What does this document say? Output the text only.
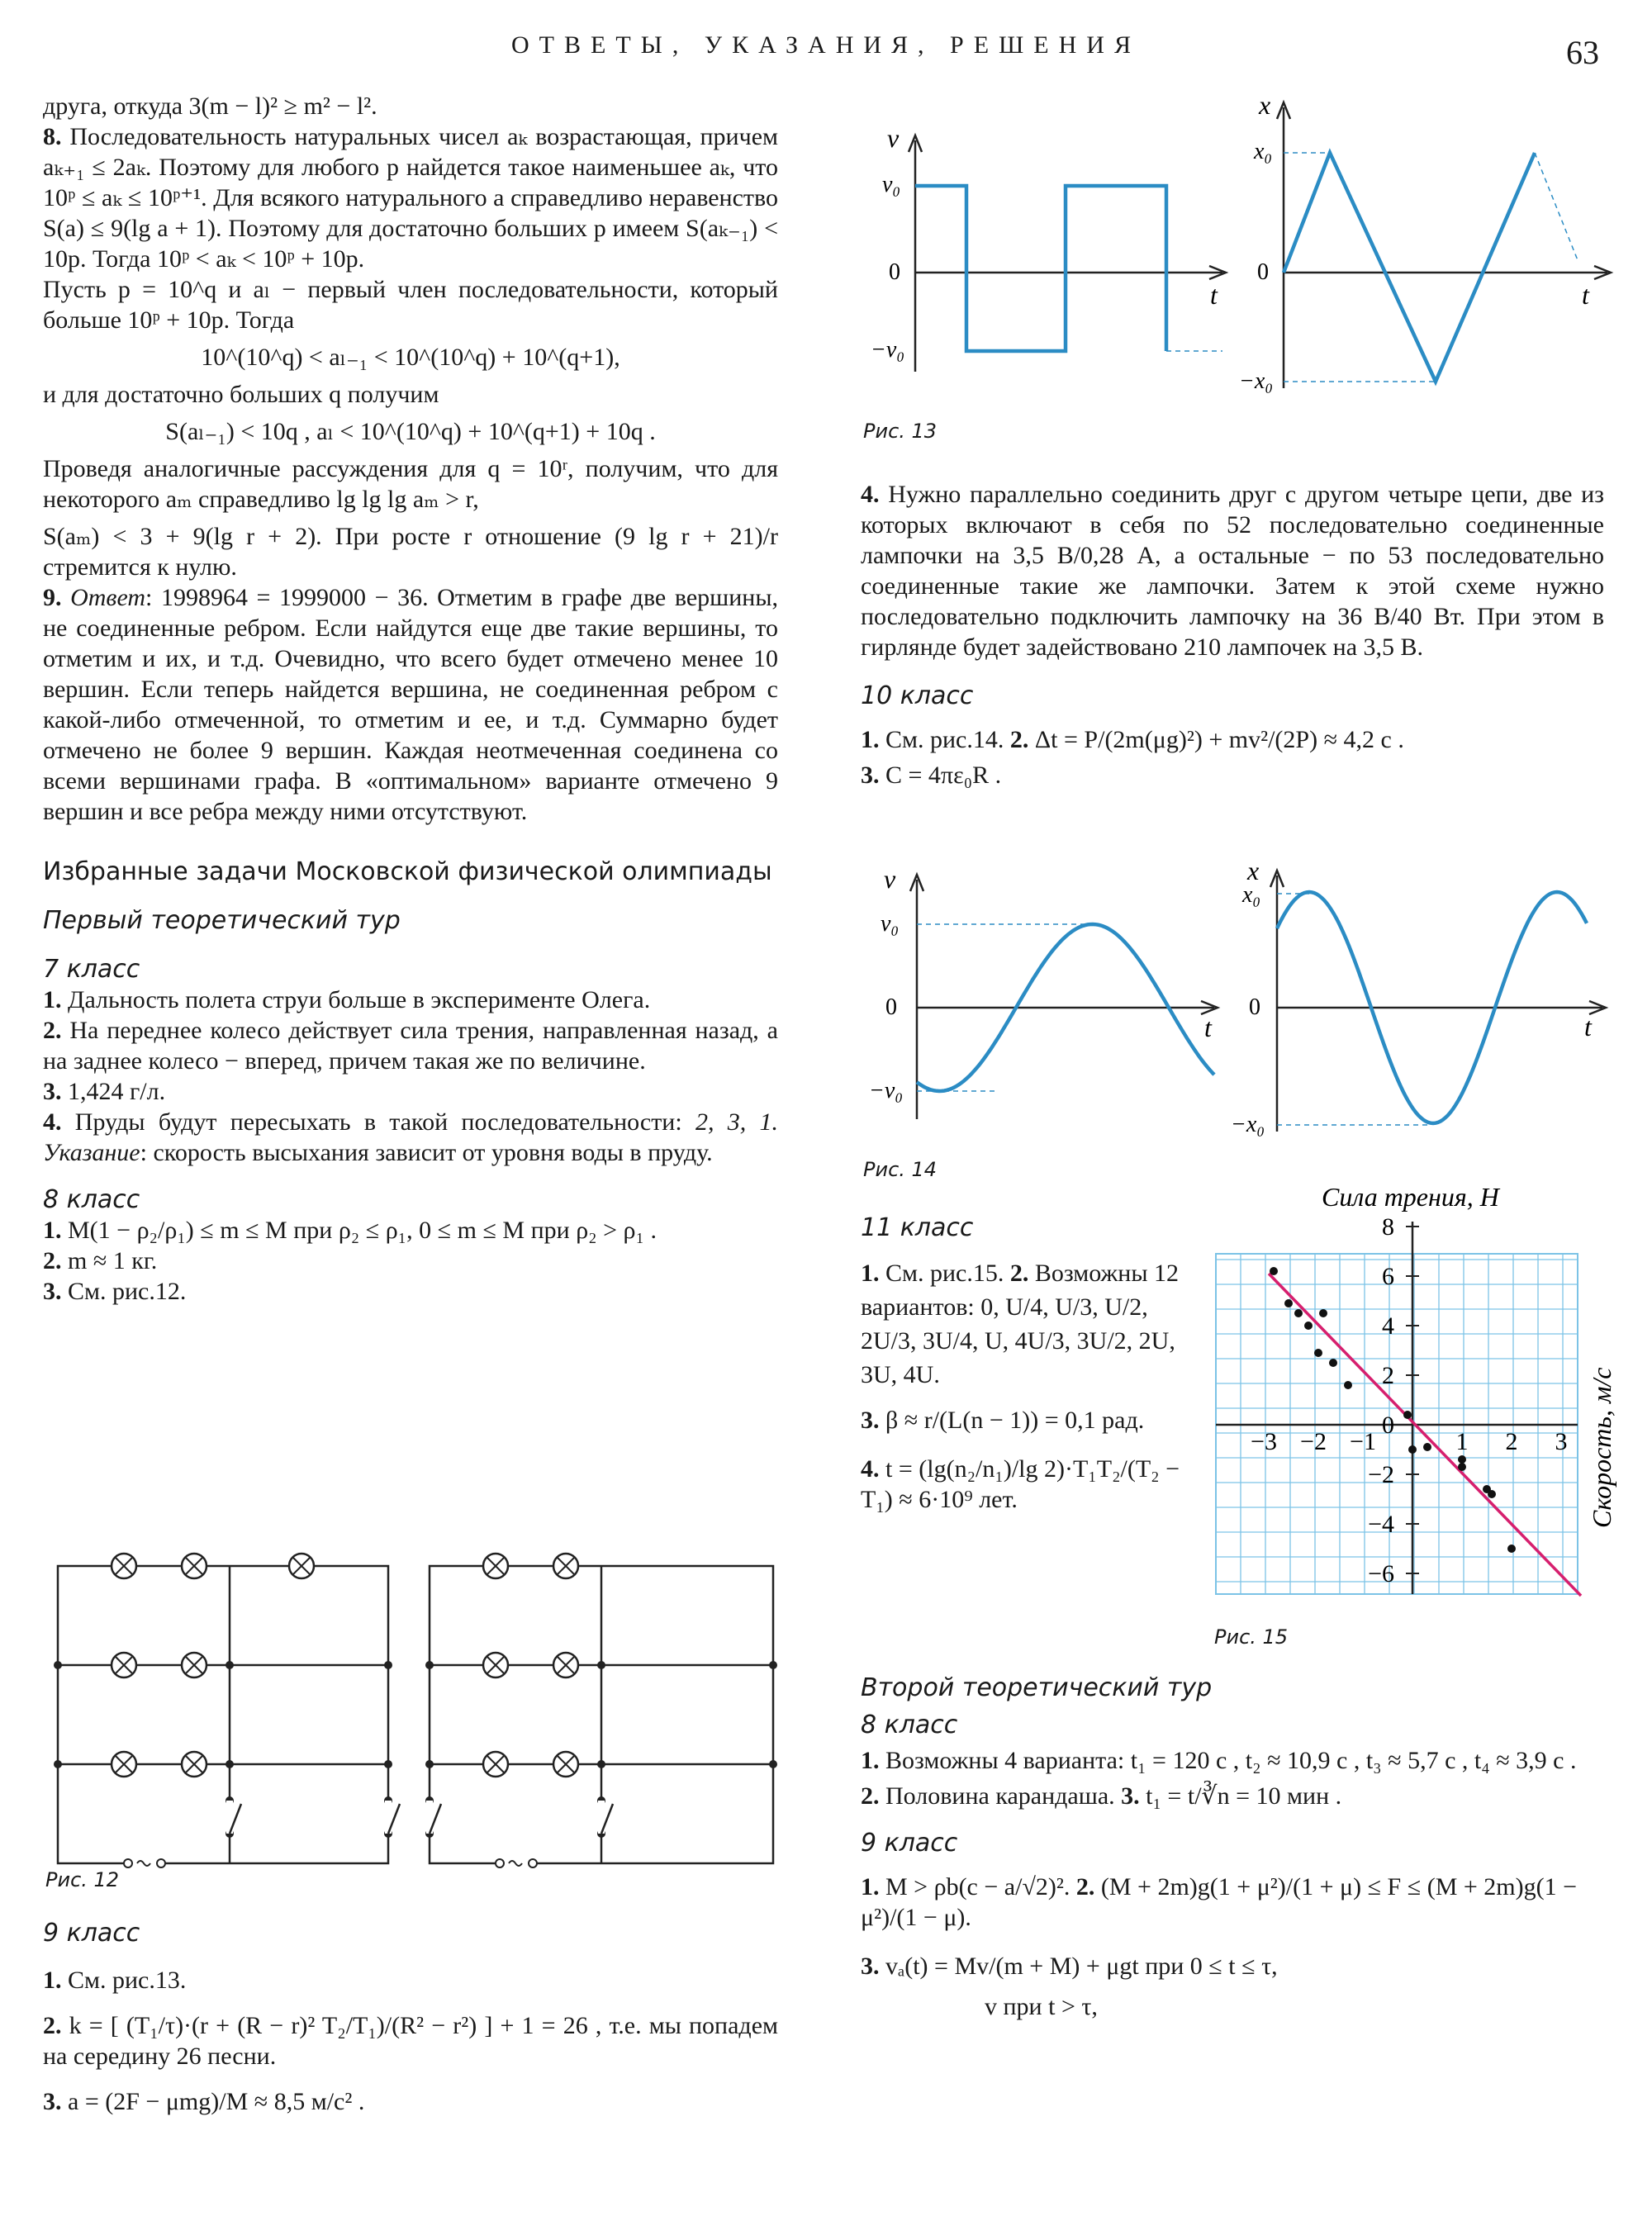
ОТВЕТЫ, УКАЗАНИЯ, РЕШЕНИЯ	63

друга, откуда 3(m − l)² ≥ m² − l².

8. Последовательность натуральных чисел aₖ возрастающая, причем aₖ₊₁ ≤ 2aₖ. Поэтому для любого p найдется такое наименьшее aₖ, что 10ᵖ ≤ aₖ ≤ 10ᵖ⁺¹. Для всякого натурального a справедливо неравенство S(a) ≤ 9(lg a + 1). Поэтому для достаточно больших p имеем S(aₖ₋₁) < 10p. Тогда 10ᵖ < aₖ < 10ᵖ + 10p.

Пусть p = 10^q и aₗ − первый член последовательности, который больше 10ᵖ + 10p. Тогда

10^(10^q) < aₗ₋₁ < 10^(10^q) + 10^(q+1),

и для достаточно больших q получим

S(aₗ₋₁) < 10q , aₗ < 10^(10^q) + 10^(q+1) + 10q .

Проведя аналогичные рассуждения для q = 10ʳ, получим, что для некоторого aₘ справедливо lg lg lg aₘ > r,

S(aₘ) < 3 + 9(lg r + 2). При росте r отношение (9 lg r + 21)/r стремится к нулю.

9. Ответ: 1998964 = 1999000 − 36. Отметим в графе две вершины, не соединенные ребром. Если найдутся еще две такие вершины, то отметим и их, и т.д. Очевидно, что всего будет отмечено менее 10 вершин. Если теперь найдется вершина, не соединенная ребром с какой-либо отмеченной, то отметим и ее, и т.д. Суммарно будет отмечено не более 9 вершин. Каждая неотмеченная соединена со всеми вершинами графа. В «оптимальном» варианте отмечено 9 вершин и все ребра между ними отсутствуют.

Избранные задачи Московской физической олимпиады

Первый теоретический тур

7 класс

1. Дальность полета струи больше в эксперименте Олега.

2. На переднее колесо действует сила трения, направленная назад, а на заднее колесо − вперед, причем такая же по величине.

3. 1,424 г/л.

4. Пруды будут пересыхать в такой последовательности: 2, 3, 1. Указание: скорость высыхания зависит от уровня воды в пруду.

8 класс

1. M(1 − ρ₂/ρ₁) ≤ m ≤ M при ρ₂ ≤ ρ₁, 0 ≤ m ≤ M при ρ₂ > ρ₁ .

2. m ≈ 1 кг.

3. См. рис.12.

Рис. 12

9 класс

1. См. рис.13.

2. k = [ (T₁/τ)·(r + (R − r)² T₂/T₁)/(R² − r²) ] + 1 = 26 , т.е. мы попадем на середину 26 песни.

3. a = (2F − μmg)/M ≈ 8,5 м/с² .

v
v₀
0
−v₀
t
x
x₀
0
−x₀
t
Рис. 13

4. Нужно параллельно соединить друг с другом четыре цепи, две из которых включают в себя по 52 последовательно соединенные лампочки на 3,5 В/0,28 А, а остальные − по 53 последовательно соединенные такие же лампочки. Затем к этой схеме нужно последовательно подключить лампочку на 36 В/40 Вт. При этом в гирлянде будет задействовано 210 лампочек на 3,5 В.

10 класс

1. См. рис.14. 2. Δt = P/(2m(μg)²) + mv²/(2P) ≈ 4,2 с .

3. C = 4πε₀R .

v
v₀
0
−v₀
t
x
x₀
0
−x₀
t
Рис. 14

11 класс

1. См. рис.15. 2. Возможны 12 вариантов: 0, U/4, U/3, U/2, 2U/3, 3U/4, U, 4U/3, 3U/2, 2U, 3U, 4U.

3. β ≈ r/(L(n − 1)) = 0,1 рад.

4. t = (lg(n₂/n₁)/lg 2)·T₁T₂/(T₂ − T₁) ≈ 6·10⁹ лет.

Сила трения, Н
8
6
4
2
0
−2
−4
−6
−3 −2 −1	1 2 3 Скорость, м/с
Рис. 15

Второй теоретический тур

8 класс

1. Возможны 4 варианта: t₁ = 120 с , t₂ ≈ 10,9 с , t₃ ≈ 5,7 с , t₄ ≈ 3,9 с .

2. Половина карандаша. 3. t₁ = t/∛n = 10 мин .

9 класс

1. M > ρb(c − a/√2)². 2. (M + 2m)g(1 + μ²)/(1 + μ) ≤ F ≤ (M + 2m)g(1 − μ²)/(1 − μ).

3. vₐ(t) = Mv/(m + M) + μgt при 0 ≤ t ≤ τ,

v при t > τ,
